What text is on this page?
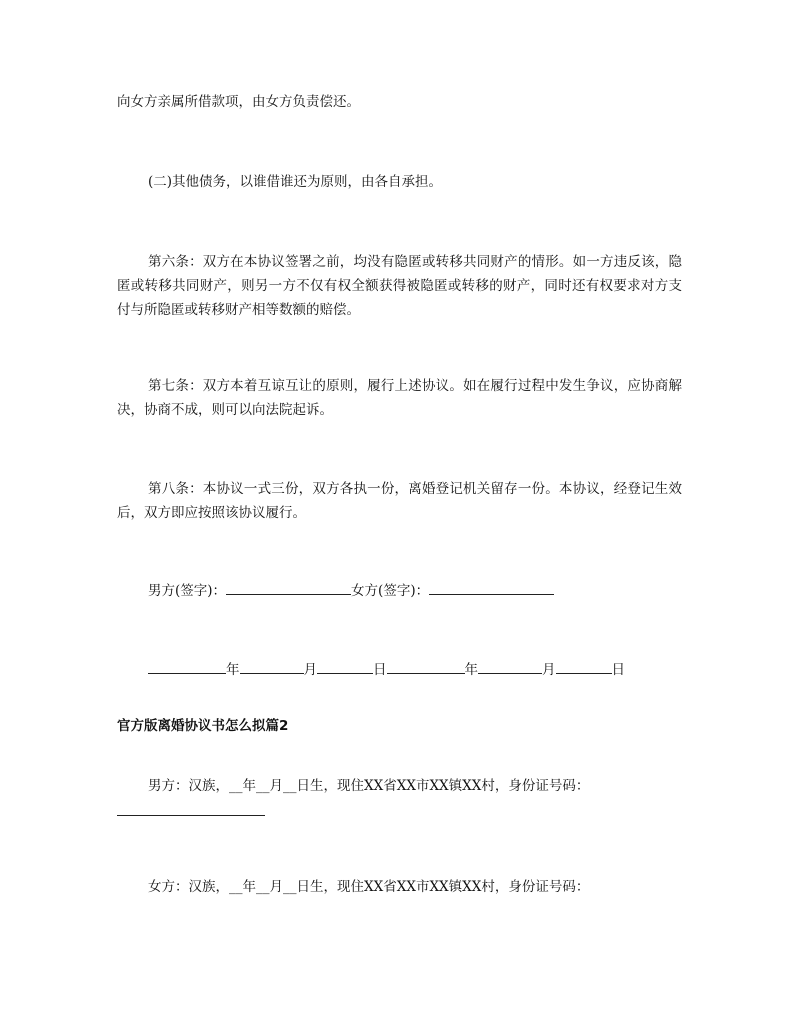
向女方亲属所借款项，由女方负责偿还。
(二)其他债务，以谁借谁还为原则，由各自承担。
第六条：双方在本协议签署之前，均没有隐匿或转移共同财产的情形。如一方违反该，隐匿或转移共同财产，则另一方不仅有权全额获得被隐匿或转移的财产，同时还有权要求对方支付与所隐匿或转移财产相等数额的赔偿。
第七条：双方本着互谅互让的原则，履行上述协议。如在履行过程中发生争议，应协商解决，协商不成，则可以向法院起诉。
第八条：本协议一式三份，双方各执一份，离婚登记机关留存一份。本协议，经登记生效后，双方即应按照该协议履行。
男方(签字)：	女方(签字)：
年	月	日	年	月	日
官方版离婚协议书怎么拟篇2
男方：汉族，__年__月__日生，现住XX省XX市XX镇XX村，身份证号码：
女方：汉族，__年__月__日生，现住XX省XX市XX镇XX村，身份证号码：
